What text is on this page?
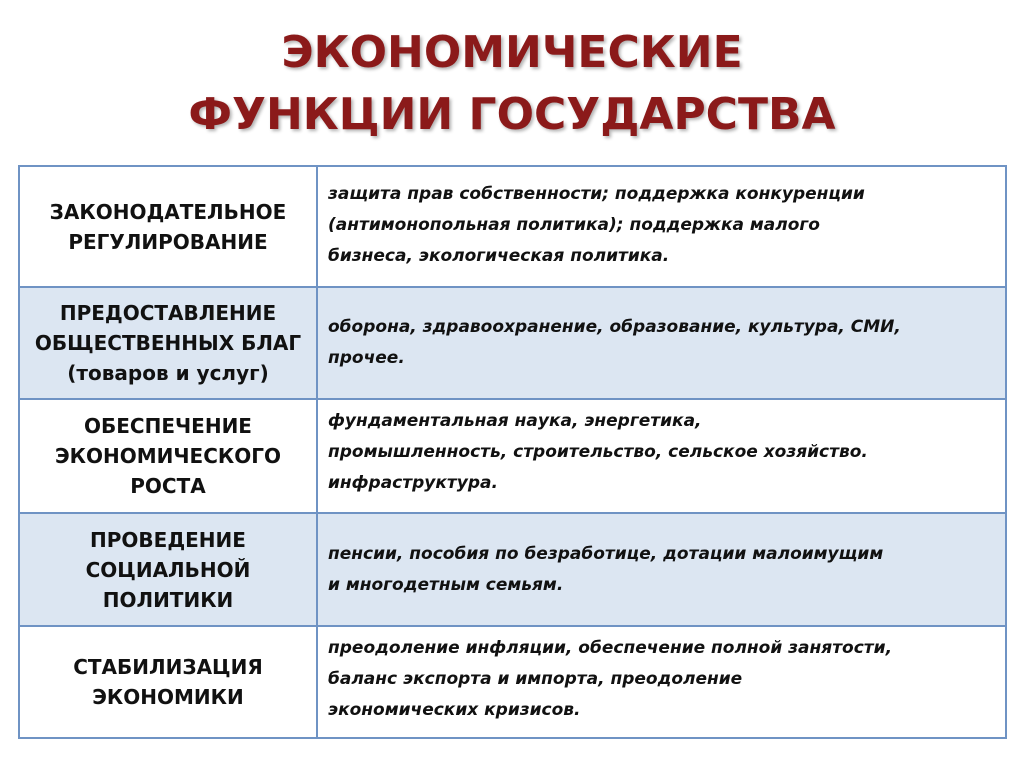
ЭКОНОМИЧЕСКИЕ
ФУНКЦИИ ГОСУДАРСТВА
ЗАКОНОДАТЕЛЬНОЕ
РЕГУЛИРОВАНИЕ	защита прав собственности; поддержка конкуренции
(антимонопольная политика); поддержка малого
бизнеса, экологическая политика.

ПРЕДОСТАВЛЕНИЕ
ОБЩЕСТВЕННЫХ БЛАГ
(товаров и услуг)	оборона, здравоохранение, образование, культура, СМИ,
прочее.

ОБЕСПЕЧЕНИЕ
ЭКОНОМИЧЕСКОГО
РОСТА	фундаментальная наука, энергетика,
промышленность, строительство, сельское хозяйство.
инфраструктура.

ПРОВЕДЕНИЕ
СОЦИАЛЬНОЙ
ПОЛИТИКИ	пенсии, пособия по безработице, дотации малоимущим
и многодетным семьям.

СТАБИЛИЗАЦИЯ
ЭКОНОМИКИ	преодоление инфляции, обеспечение полной занятости,
баланс экспорта и импорта, преодоление
экономических кризисов.
